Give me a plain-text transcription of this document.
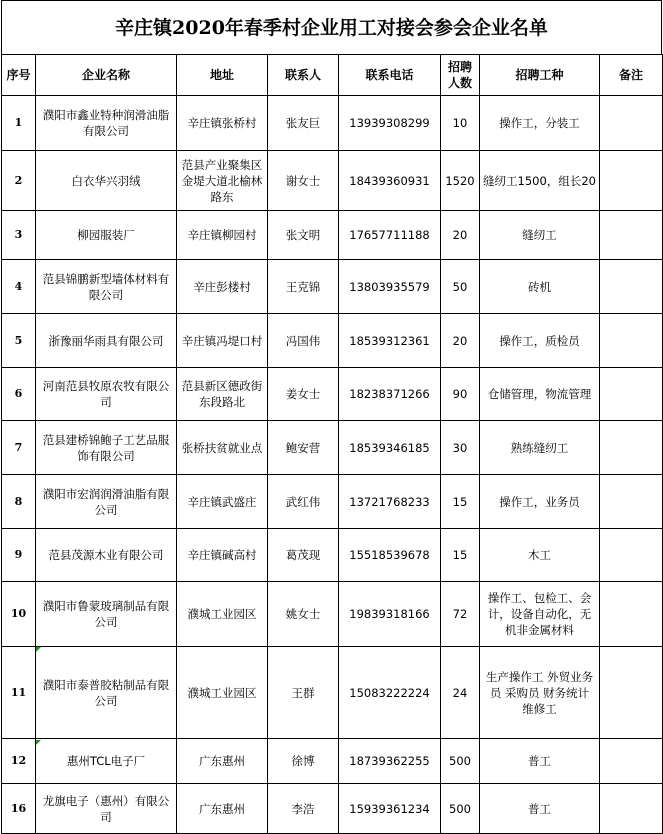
辛庄镇2020年春季村企业用工对接会参会企业名单
序号	企业名称	地址	联系人	联系电话	招聘人数	招聘工种	备注
1	濮阳市鑫业特种润滑油脂有限公司	辛庄镇张桥村	张友巨	13939308299	10	操作工，分装工	
2	白衣华兴羽绒	范县产业聚集区金堤大道北榆林路东	谢女士	18439360931	1520	缝纫工1500，组长20	
3	柳园服装厂	辛庄镇柳园村	张文明	17657711188	20	缝纫工	
4	范县锦鹏新型墙体材料有限公司	辛庄彭楼村	王克锦	13803935579	50	砖机	
5	浙豫丽华雨具有限公司	辛庄镇冯堤口村	冯国伟	18539312361	20	操作工，质检员	
6	河南范县牧原农牧有限公司	范县新区德政街东段路北	姜女士	18238371266	90	仓储管理，物流管理	
7	范县建桥锦鲍子工艺品服饰有限公司	张桥扶贫就业点	鲍安营	18539346185	30	熟练缝纫工	
8	濮阳市宏润润滑油脂有限公司	辛庄镇武盛庄	武红伟	13721768233	15	操作工，业务员	
9	范县茂源木业有限公司	辛庄镇碱高村	葛茂现	15518539678	15	木工	
10	濮阳市鲁蒙玻璃制品有限公司	濮城工业园区	姚女士	19839318166	72	操作工、包检工、会计，设备自动化，无机非金属材料	
11	濮阳市泰普胶粘制品有限公司	濮城工业园区	王群	15083222224	24	生产操作工 外贸业务员 采购员 财务统计 维修工	
12	惠州TCL电子厂	广东惠州	徐博	18739362255	500	普工	
16	龙旗电子（惠州）有限公司	广东惠州	李浩	15939361234	500	普工	
